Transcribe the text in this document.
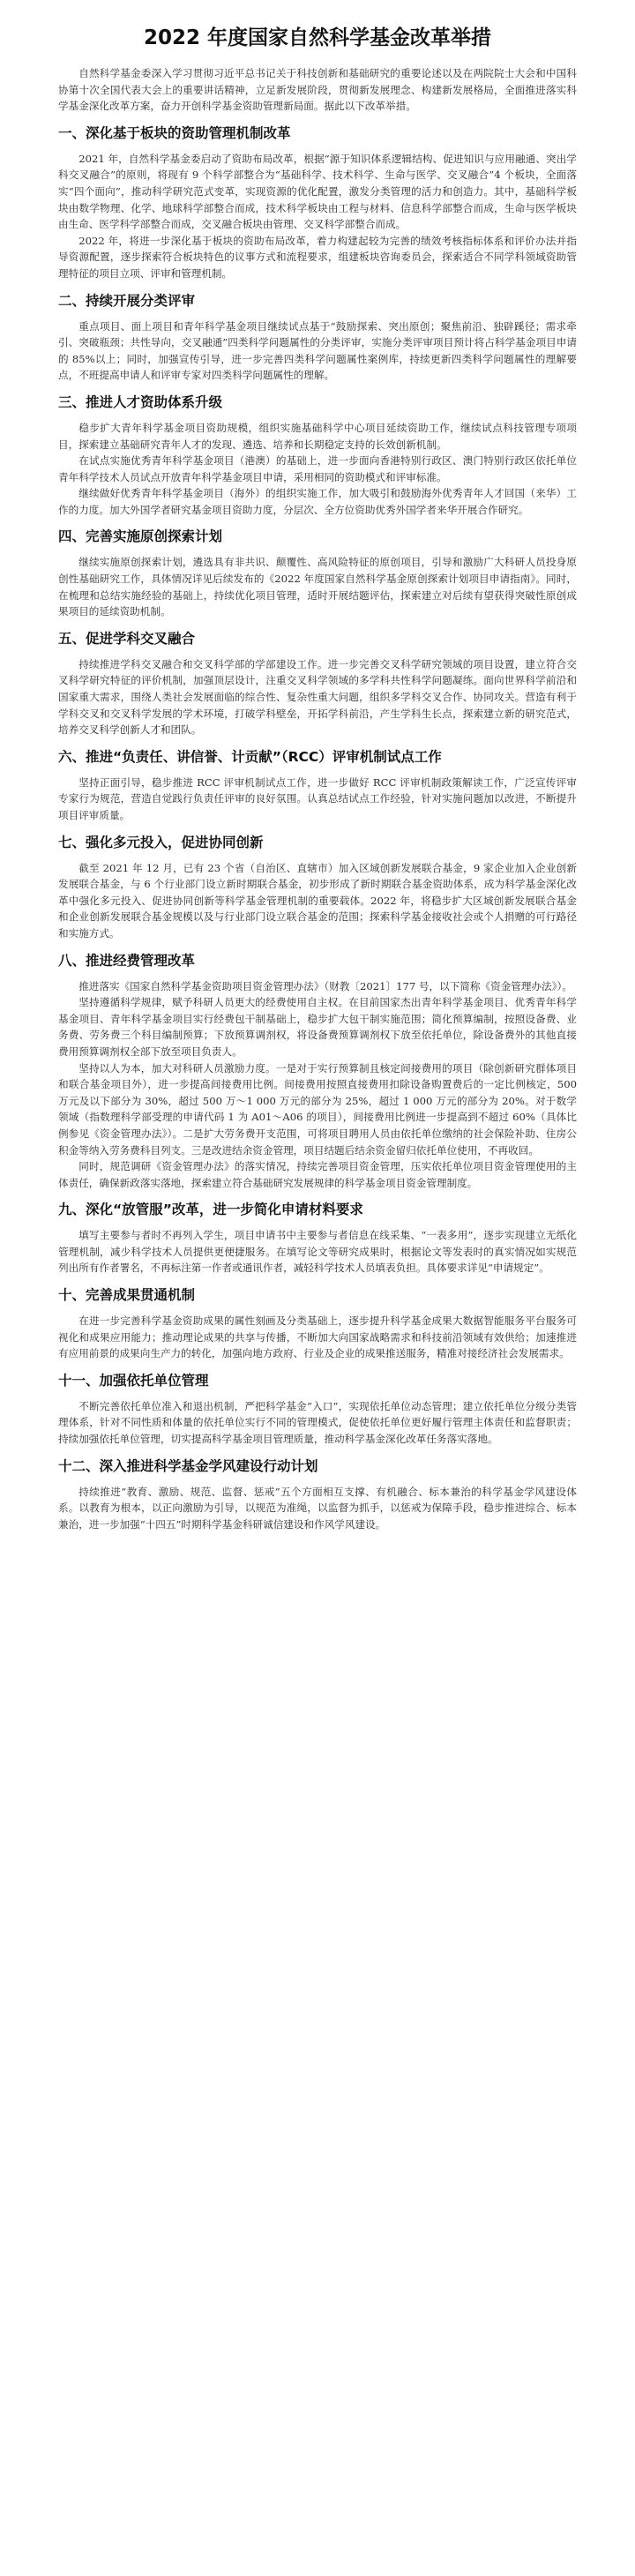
2022 年度国家自然科学基金改革举措

自然科学基金委深入学习贯彻习近平总书记关于科技创新和基础研究的重要论述以及在两院院士大会和中国科协第十次全国代表大会上的重要讲话精神，立足新发展阶段，贯彻新发展理念、构建新发展格局，全面推进落实科学基金深化改革方案，奋力开创科学基金资助管理新局面。据此以下改革举措。

一、深化基于板块的资助管理机制改革

2021 年，自然科学基金委启动了资助布局改革，根据“源于知识体系逻辑结构、促进知识与应用融通、突出学科交叉融合”的原则，将现有 9 个科学部整合为“基础科学、技术科学、生命与医学、交叉融合”4 个板块，全面落实“四个面向”，推动科学研究范式变革，实现资源的优化配置，激发分类管理的活力和创造力。其中，基础科学板块由数学物理、化学、地球科学部整合而成，技术科学板块由工程与材料、信息科学部整合而成，生命与医学板块由生命、医学科学部整合而成，交叉融合板块由管理、交叉科学部整合而成。

2022 年，将进一步深化基于板块的资助布局改革，着力构建起较为完善的绩效考核指标体系和评价办法并指导资源配置，逐步探索符合板块特色的议事方式和流程要求，组建板块咨询委员会，探索适合不同学科领域资助管理特征的项目立项、评审和管理机制。

二、持续开展分类评审

重点项目、面上项目和青年科学基金项目继续试点基于“鼓励探索、突出原创；聚焦前沿、独辟蹊径；需求牵引、突破瓶颈；共性导向，交叉融通”四类科学问题属性的分类评审，实施分类评审项目预计将占科学基金项目申请的 85%以上；同时，加强宣传引导，进一步完善四类科学问题属性案例库，持续更新四类科学问题属性的理解要点，不班提高申请人和评审专家对四类科学问题属性的理解。

三、推进人才资助体系升级

稳步扩大青年科学基金项目资助规模，组织实施基础科学中心项目延续资助工作，继续试点科技管理专项项目，探索建立基础研究青年人才的发现、遴选、培养和长期稳定支持的长效创新机制。

在试点实施优秀青年科学基金项目（港澳）的基础上，进一步面向香港特别行政区、澳门特别行政区依托单位青年科学技术人员试点开放青年科学基金项目申请，采用相同的资助模式和评审标准。

继续做好优秀青年科学基金项目（海外）的组织实施工作，加大吸引和鼓励海外优秀青年人才回国（来华）工作的力度。加大外国学者研究基金项目资助力度，分层次、全方位资助优秀外国学者来华开展合作研究。

四、完善实施原创探索计划

继续实施原创探索计划，遴选具有非共识、颠覆性、高风险特征的原创项目，引导和激励广大科研人员投身原创性基础研究工作，具体情况详见后续发布的《2022 年度国家自然科学基金原创探索计划项目申请指南》。同时，在梳理和总结实施经验的基础上，持续优化项目管理，适时开展结题评估，探索建立对后续有望获得突破性原创成果项目的延续资助机制。

五、促进学科交叉融合

持续推进学科交叉融合和交叉科学部的学部建设工作。进一步完善交叉科学研究领域的项目设置，建立符合交叉科学研究特征的评价机制，加强顶层设计，注重交叉科学领域的多学科共性科学问题凝练。面向世界科学前沿和国家重大需求，围绕人类社会发展面临的综合性、复杂性重大问题，组织多学科交叉合作、协同攻关。营造有利于学科交叉和交叉科学发展的学术环境，打破学科壁垒，开拓学科前沿，产生学科生长点，探索建立新的研究范式，培养交叉科学创新人才和团队。

六、推进“负责任、讲信誉、计贡献”（RCC）评审机制试点工作

坚持正面引导，稳步推进 RCC 评审机制试点工作，进一步做好 RCC 评审机制政策解读工作，广泛宣传评审专家行为规范，营造自觉践行负责任评审的良好氛围。认真总结试点工作经验，针对实施问题加以改进，不断提升项目评审质量。

七、强化多元投入，促进协同创新

截至 2021 年 12 月，已有 23 个省（自治区、直辖市）加入区域创新发展联合基金，9 家企业加入企业创新发展联合基金，与 6 个行业部门设立新时期联合基金，初步形成了新时期联合基金资助体系，成为科学基金深化改革中强化多元投入、促进协同创新等科学基金管理机制的重要载体。2022 年，将稳步扩大区域创新发展联合基金和企业创新发展联合基金规模以及与行业部门设立联合基金的范围；探索科学基金接收社会或个人捐赠的可行路径和实施方式。

八、推进经费管理改革

推进落实《国家自然科学基金资助项目资金管理办法》（财教〔2021〕177 号，以下简称《资金管理办法》）。

坚持遵循科学规律，赋予科研人员更大的经费使用自主权。在目前国家杰出青年科学基金项目、优秀青年科学基金项目、青年科学基金项目实行经费包干制基础上，稳步扩大包干制实施范围；简化预算编制，按照设备费、业务费、劳务费三个科目编制预算；下放预算调剂权，将设备费预算调剂权下放至依托单位，除设备费外的其他直接费用预算调剂权全部下放至项目负责人。

坚持以人为本，加大对科研人员激励力度。一是对于实行预算制且核定间接费用的项目（除创新研究群体项目和联合基金项目外），进一步提高间接费用比例。间接费用按照直接费用扣除设备购置费后的一定比例核定，500 万元及以下部分为 30%，超过 500 万～1 000 万元的部分为 25%，超过 1 000 万元的部分为 20%。对于数学领域（指数理科学部受理的申请代码 1 为 A01～A06 的项目），间接费用比例进一步提高到不超过 60%（具体比例参见《资金管理办法》）。二是扩大劳务费开支范围，可将项目聘用人员由依托单位缴纳的社会保险补助、住房公积金等纳入劳务费科目列支。三是改进结余资金管理，项目结题后结余资金留归依托单位使用，不再收回。

同时，规范调研《资金管理办法》的落实情况，持续完善项目资金管理，压实依托单位项目资金管理使用的主体责任，确保新政落实落地，探索建立符合基础研究发展规律的科学基金项目资金管理制度。

九、深化“放管服”改革，进一步简化申请材料要求

填写主要参与者时不再列入学生，项目申请书中主要参与者信息在线采集、“一表多用”，逐步实现建立无纸化管理机制，减少科学技术人员提供更便捷服务。在填写论文等研究成果时，根据论文等发表时的真实情况如实规范列出所有作者署名，不再标注第一作者或通讯作者，减轻科学技术人员填表负担。具体要求详见“申请规定”。

十、完善成果贯通机制

在进一步完善科学基金资助成果的属性刻画及分类基础上，逐步提升科学基金成果大数据智能服务平台服务可视化和成果应用能力；推动理论成果的共享与传播，不断加大向国家战略需求和科技前沿领域有效供给；加速推进有应用前景的成果向生产力的转化，加强向地方政府、行业及企业的成果推送服务，精准对接经济社会发展需求。

十一、加强依托单位管理

不断完善依托单位准入和退出机制，严把科学基金“入口”，实现依托单位动态管理；建立依托单位分级分类管理体系，针对不同性质和体量的依托单位实行不同的管理模式，促使依托单位更好履行管理主体责任和监督职责；持续加强依托单位管理，切实提高科学基金项目管理质量，推动科学基金深化改革任务落实落地。

十二、深入推进科学基金学风建设行动计划

持续推进“教育、激励、规范、监督、惩戒”五个方面相互支撑、有机融合、标本兼治的科学基金学风建设体系。以教育为根本，以正向激励为引导，以规范为准绳，以监督为抓手，以惩戒为保障手段，稳步推进综合、标本兼治，进一步加强“十四五”时期科学基金科研诚信建设和作风学风建设。
